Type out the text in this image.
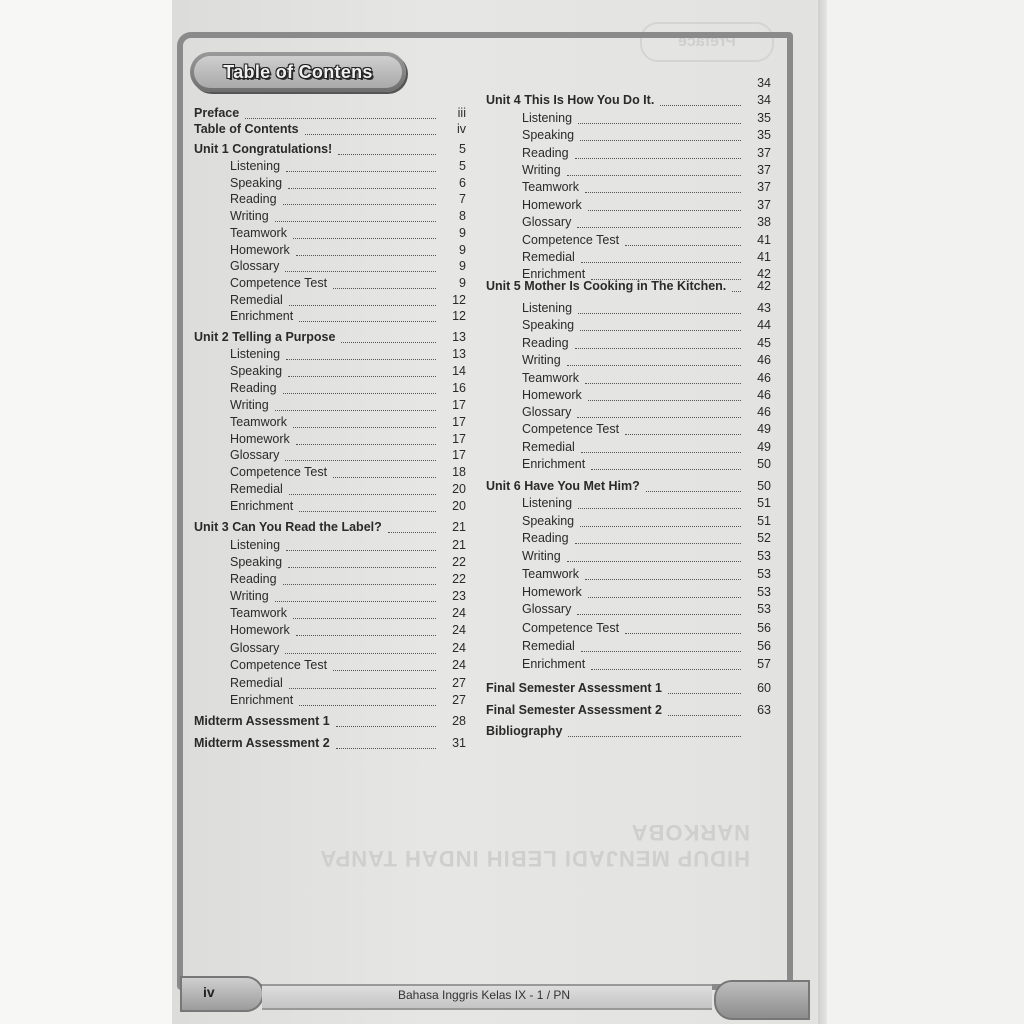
Preface
HIDUP MENJADI LEBIH INDAH TANPA NARKOBA
Table of Contens
Preface	iii
Table of Contents	iv
Unit 1 Congratulations!	5
Listening	5
Speaking	6
Reading	7
Writing	8
Teamwork	9
Homework	9
Glossary	9
Competence Test	9
Remedial	12
Enrichment	12
Unit 2 Telling a Purpose	13
Listening	13
Speaking	14
Reading	16
Writing	17
Teamwork	17
Homework	17
Glossary	17
Competence Test	18
Remedial	20
Enrichment	20
Unit 3 Can You Read the Label?	21
Listening	21
Speaking	22
Reading	22
Writing	23
Teamwork	24
Homework	24
Glossary	24
Competence Test	24
Remedial	27
Enrichment	27
Midterm Assessment 1	28
Midterm Assessment 2	31
34
Unit 4 This Is How You Do It.	34
Listening	35
Speaking	35
Reading	37
Writing	37
Teamwork	37
Homework	37
Glossary	38
Competence Test	41
Remedial	41
Enrichment	42
Unit 5 Mother Is Cooking in The Kitchen.	42
Listening	43
Speaking	44
Reading	45
Writing	46
Teamwork	46
Homework	46
Glossary	46
Competence Test	49
Remedial	49
Enrichment	50
Unit 6 Have You Met Him?	50
Listening	51
Speaking	51
Reading	52
Writing	53
Teamwork	53
Homework	53
Glossary	53
Competence Test	56
Remedial	56
Enrichment	57
Final Semester Assessment 1	60
Final Semester Assessment 2	63
Bibliography
iv	Bahasa Inggris Kelas IX - 1 / PN
